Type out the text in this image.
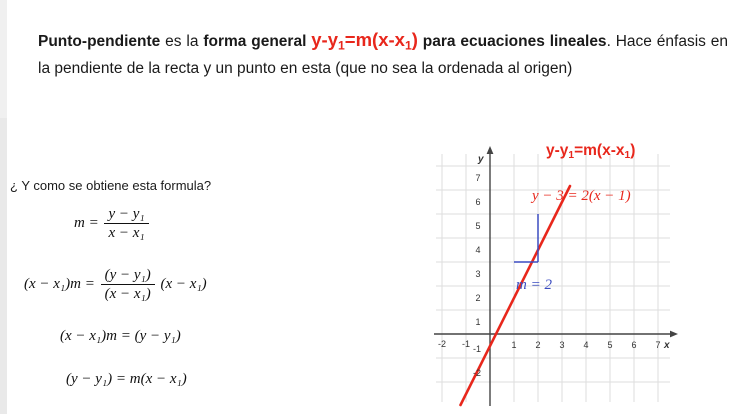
Punto-pendiente es la forma general $y-y_1=m(x-x_1)$ para ecuaciones lineales. Hace énfasis en la pendiente de la recta y un punto en esta (que no sea la ordenada al origen)
¿ Y como se obtiene esta formula?
$m = \frac{\text{y − y₁}}{\text{x − x₁}}$
$(x - x_1)m = \frac{\text{(y − y₁)}}{\text{(x − x₁)}} (x - x_1)$
(x − x₁)m = (y − y₁)
(y − y₁) = m(x − x₁)
y
x
7
6
5
4
3
2
1
-1
-2
-2 -1	1 2 3 4 5 6 7
$y-y_1=m(x-x_1)$
y − 3 = 2(x − 1)
m = 2
